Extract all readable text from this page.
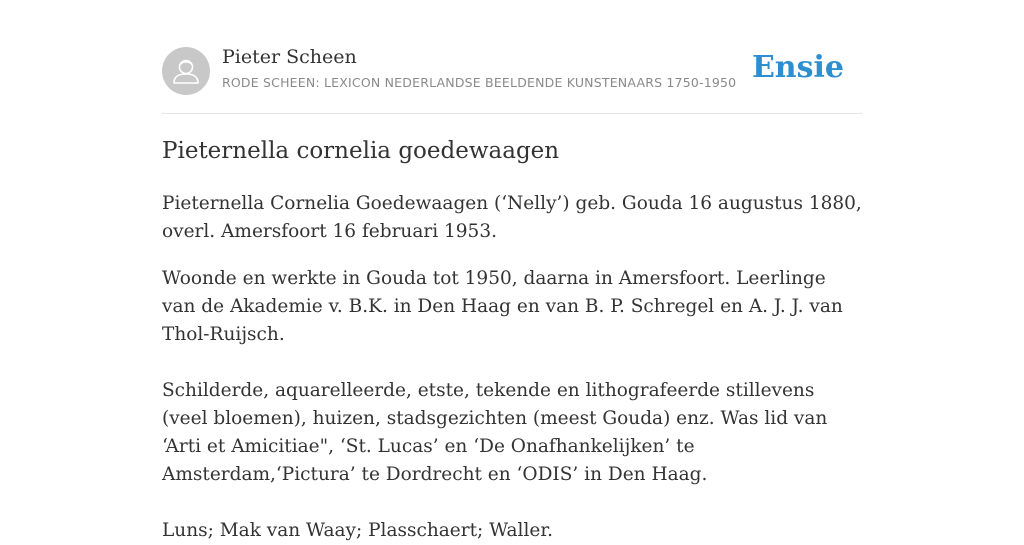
Pieter Scheen
RODE SCHEEN: LEXICON NEDERLANDSE BEELDENDE KUNSTENAARS 1750-1950 Ensie
Pieternella cornelia goedewaagen

Pieternella Cornelia Goedewaagen (‘Nelly’) geb. Gouda 16 augustus 1880, overl. Amersfoort 16 februari 1953.

Woonde en werkte in Gouda tot 1950, daarna in Amersfoort. Leerlinge van de Akademie v. B.K. in Den Haag en van B. P. Schregel en A. J. J. van Thol-Ruijsch.

Schilderde, aquarelleerde, etste, tekende en lithografeerde stillevens (veel bloemen), huizen, stadsgezichten (meest Gouda) enz. Was lid van ‘Arti et Amicitiae", ‘St. Lucas’ en ‘De Onafhankelijken’ te Amsterdam,‘Pictura’ te Dordrecht en ‘ODIS’ in Den Haag.

Luns; Mak van Waay; Plasschaert; Waller.
